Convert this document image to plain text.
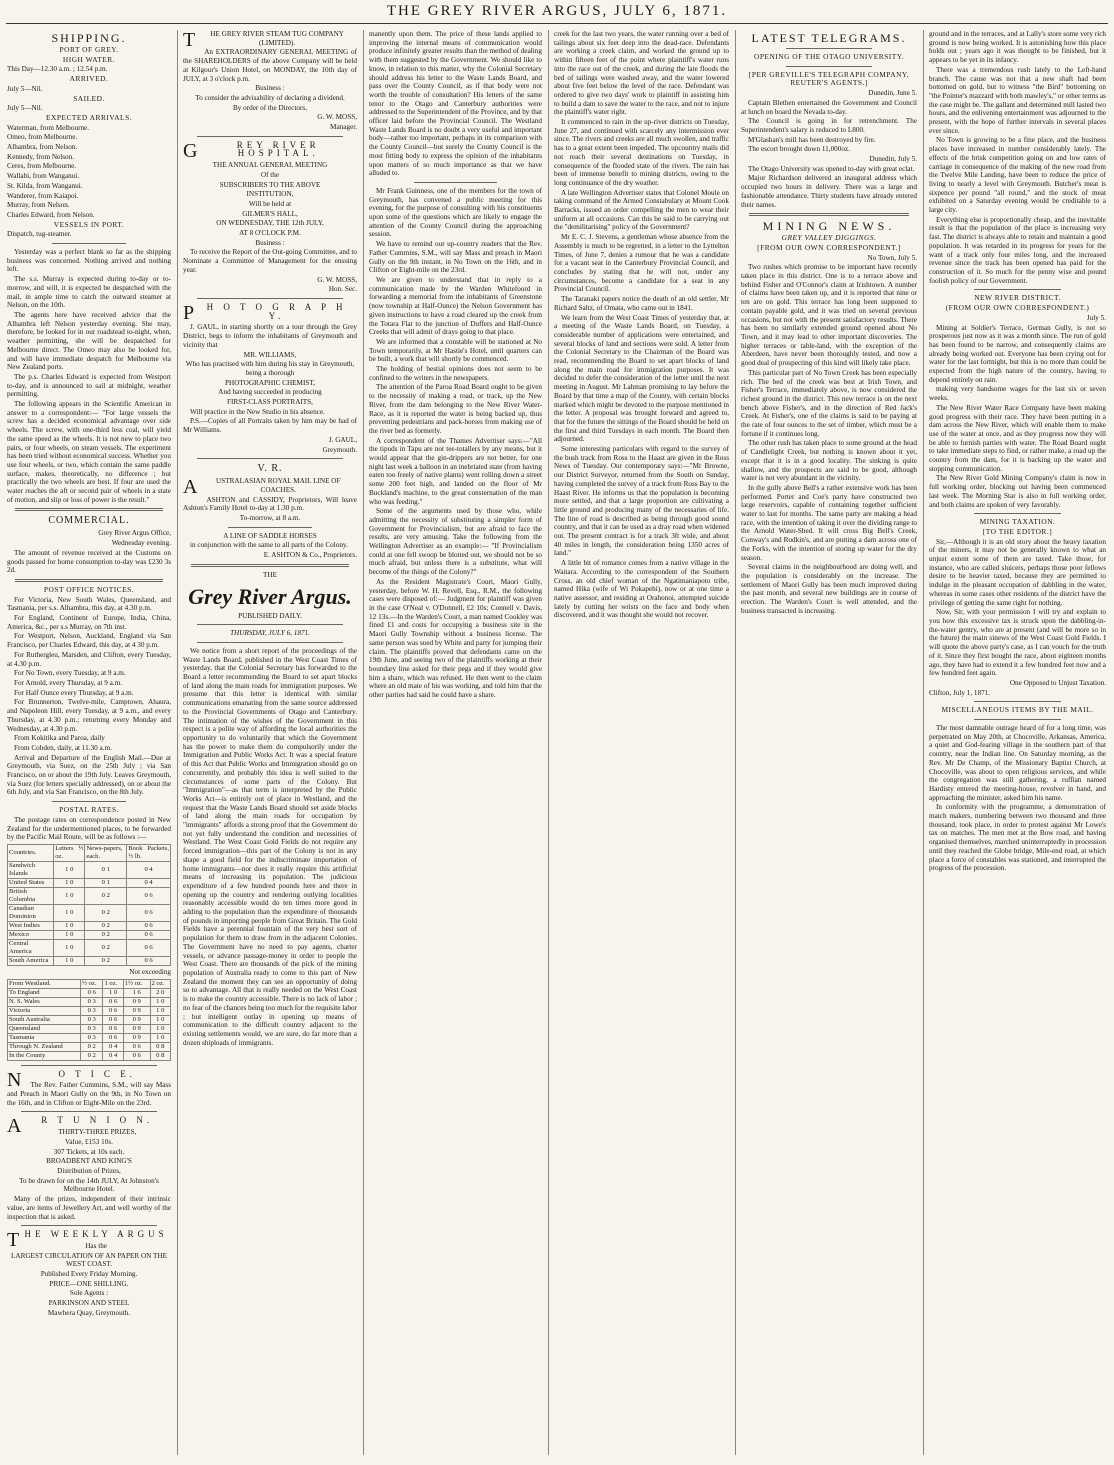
THE GREY RIVER ARGUS, JULY 6, 1871.
SHIPPING.
PORT OF GREY.
HIGH WATER.

This Day—12.30 a.m. ; 12.54 p.m.

ARRIVED.

July 5—Nil.

SAILED.

July 5—Nil.

EXPECTED ARRIVALS.

Waterman, from Melbourne.

Omeo, from Melbourne.

Alhambra, from Nelson.

Kennedy, from Nelson.

Ceres, from Melbourne.

Wallabi, from Wanganui.

St. Kilda, from Wanganui.

Wanderer, from Kaiapoi.

Murray, from Nelson.

Charles Edward, from Nelson.

VESSELS IN PORT.

Dispatch, tug-steamer.

Yesterday was a perfect blank so far as the shipping business was concerned. Nothing arrived and nothing left.

The s.s. Murray is expected during to-day or to-morrow, and will, it is expected be despatched with the mail, in ample time to catch the outward steamer at Nelson, on the 10th.

The agents here have received advice that the Alhambra left Nelson yesterday evening. She may, therefore, be looked for in our roadstead to-night, when, weather permitting, she will be despatched for Melbourne direct. The Omeo may also be looked for, and will have immediate despatch for Melbourne via New Zealand ports.

The p.s. Charles Edward is expected from Westport to-day, and is announced to sail at midnight, weather permitting.

The following appears in the Scientific American in answer to a correspondent:— "For large vessels the screw has a decided economical advantage over side wheels. The screw, with one-third less coal, will yield the same speed as the wheels. It is not new to place two pairs, or four wheels, on steam vessels. The experiment has been tried without economical success. Whether you use four wheels, or two, which contain the same paddle surface, makes, theoretically, no difference ; but practically the two wheels are best. If four are used the water reaches the aft or second pair of wheels in a state of motion, and slip or loss of power is the result."

COMMERCIAL.

Grey River Argus Office,

Wednesday evening.

The amount of revenue received at the Customs on goods passed for home consumption to-day was £230 3s 2d.

POST OFFICE NOTICES.

For Victoria, New South Wales, Queensland, and Tasmania, per s.s. Alhambra, this day, at 4.30 p.m.

For England, Continent of Europe, India, China, America, &c., per s.s Murray, on 7th inst.

For Westport, Nelson, Auckland, England via San Francisco, per Charles Edward, this day, at 4 30 p.m.

For Ruthergleu, Marsden, and Clifton, every Tuesday, at 4.30 p.m.

For No Town, every Tuesday, at 9 a.m.

For Arnold, every Thursday, at 9 a.m.

For Half Ounce every Thursday, at 9 a.m.

For Brunnerton, Twelve-mile, Camptown, Ahaura, and Napoleon Hill, every Tuesday, at 9 a.m., and every Thursday, at 4.30 p.m.; returning every Monday and Wednesday, at 4.30 p.m.

From Kokitika and Paroa, daily

From Cobden, daily, at 11.30 a.m.

Arrival and Departure of the English Mail.—Due at Greymouth, via Suez, on the 25th July ; via San Francisco, on or about the 19th July. Leaves Greymouth, via Suez (for letters specially addressed), on or about the 6th July, and via San Francisco, on the 8th July.

POSTAL RATES.

The postage rates on correspondence posted in New Zealand for the undermentioned places, to be forwarded by the Pacific Mail Route, will be as follows :—

Countries.	Letters ½ oz.	News-papers, each.	Book Packets, ½ lb.
Sandwich Islands	1 0	0 1	0 4
United States	1 0	0 1	0 4
British Columbia	1 0	0 2	0 6
Canadian Dominion	1 0	0 2	0 6
West Indies	1 0	0 2	0 6
Mexico	1 0	0 2	0 6
Central America	1 0	0 2	0 6
South America	1 0	0 2	0 6

Not exceeding

From Westland.	½ oz.	1 oz.	1½ oz.	2 oz.
To England	0 6	1 0	1 6	2 0
N. S. Wales	0 3	0 6	0 9	1 0
Victoria	0 3	0 6	0 9	1 0
South Australia	0 3	0 6	0 9	1 0
Queensland	0 3	0 6	0 9	1 0
Tasmania	0 3	0 6	0 9	1 0
Through N. Zealand	0 2	0 4	0 6	0 8
In the County	0 2	0 4	0 6	0 8
N	O T I C E.

The Rev. Father Cummins, S.M., will say Mass and Preach in Maori Gully on the 9th, in No Town on the 16th, and in Clifton or Eight-Mile on the 23rd.

A	R T U N I O N.

THIRTY-THREE PRIZES,

Value, £153 10s.

307 Tickets, at 10s each.

BROADBENT AND KING'S

Distribution of Prizes,

To be drawn for on the 14th JULY, At Johnston's Melbourne Hotel.

Many of the prizes, independent of their intrinsic value, are items of Jewellery Art, and well worthy of the inspection that is asked.

T HE WEEKLY ARGUS

Has the

LARGEST CIRCULATION OF AN PAPER ON THE WEST COAST.

Published Every Friday Morning.

PRICE—ONE SHILLING.

Sole Agents :

PARKINSON AND STEEL

Mawhera Quay, Greymouth.

T	HE GREY RIVER STEAM TUG COMPANY (LIMITED).

An EXTRAORDINARY GENERAL MEETING of the SHAREHOLDERS of the above Company will be held at Kilgour's Union Hotel, on MONDAY, the 10th day of JULY, at 3 o'clock p.m.

Business :

To consider the advisability of declaring a dividend.

By order of the Directors,

G. W. MOSS,

Manager.

G	REY RIVER HOSPITAL.

THE ANNUAL GENERAL MEETING

Of the

SUBSCRIBERS TO THE ABOVE

INSTITUTION,

Will be held at

GILMER'S HALL,

ON WEDNESDAY, THE 12th JULY,

AT 8 O'CLOCK P.M.

Business :

To receive the Report of the Out-going Committee, and to Nominate a Committee of Management for the ensuing year.

G. W. MOSS,

Hon. Sec.

P	H O T O G R A P H Y.

J. GAUL, in starting shortly on a tour through the Grey District, begs to inform the inhabitants of Greymouth and vicinity that

MR. WILLIAMS,

Who has practised with him during his stay in Greymouth, being a thorough

PHOTOGRAPHIC CHEMIST,

And having succeeded in producing

FIRST-CLASS PORTRAITS,

Will practice in the New Studio in his absence.

P.S.—Copies of all Portraits taken by him may be had of Mr Williams.

J. GAUL,

Greymouth.

V. R.
A	USTRALASIAN ROYAL MAIL LINE OF COACHES.

ASHTON and CASSIDY, Proprietors, Will leave Ashton's Family Hotel to-day at 1.30 p.m.

To-morrow, at 8 a.m.

A LINE OF SADDLE HORSES

in conjunction with the same to all parts of the Colony.

E. ASHTON & Co., Proprietors.

THE

Grey River Argus.

PUBLISHED DAILY.

THURSDAY, JULY 6, 1871.

We notice from a short report of the proceedings of the Waste Lands Board, published in the West Coast Times of yesterday, that the Colonial Secretary has forwarded to the Board a letter recommending the Board to set apart blocks of land along the main roads for immigration purposes. We presume that this letter is identical with similar communications emanating from the same source addressed to the Provincial Governments of Otago and Canterbury. The intimation of the wishes of the Government in this respect is a polite way of affording the local authorities the opportunity to do voluntarily that which the Government has the power to make them do compulsorily under the Immigration and Public Works Act. It was a special feature of this Act that Public Works and Immigration should go on concurrently, and probably this idea is well suited to the circumstances of some parts of the Colony. But "Immigration"—as that term is interpreted by the Public Works Act—is entirely out of place in Westland, and the request that the Waste Lands Board should set aside blocks of land along the main roads for occupation by "immigrants" affords a strong proof that the Government do not yet fully understand the condition and necessities of Westland. The West Coast Gold Fields do not require any forced immigration—this part of the Colony is not in any shape a good field for the indiscriminate importation of home immigrants—nor does it really require this artificial means of increasing its population. The judicious expenditure of a few hundred pounds here and there in opening up the country and rendering outlying localities reasonably accessible would do ten times more good in adding to the population than the expenditure of thousands of pounds in importing people from Great Britain. The Gold Fields have a perennial fountain of the very best sort of population for them to draw from in the adjacent Colonies. The Government have no need to pay agents, charter vessels, or advance passage-money in order to people the West Coast. There are thousands of the pick of the mining population of Australia ready to come to this part of New Zealand the moment they can see an opportunity of doing so to advantage. All that is really needed on the West Coast is to make the country accessible. There is no lack of labor ; no fear of the chances being too much for the requisite labor ; but intelligent outlay in opening up means of communication to the difficult country adjacent to the existing settlements would, we are sure, do far more than a dozen shiploads of immigrants.

manently upon them. The price of these lands applied to improving the internal means of communication would produce infinitely greater results than the method of dealing with them suggested by the Government. We should like to know, in relation to this matter, why the Colonial Secretary should address his letter to the Waste Lands Board, and pass over the County Council, as if that body were not worth the trouble of consultation? His letters of the same tenor to the Otago and Canterbury authorities were addressed to the Superintendent of the Province, and by that officer laid before the Provincial Council. The Westland Waste Lands Board is no doubt a very useful and important body—rather too important, perhaps in its comparison with the County Council—but surely the County Council is the most fitting body to express the opinion of the inhabitants upon matters of so much importance as that we have alluded to.

Mr Frank Guinness, one of the members for the town of Greymouth, has convened a public meeting for this evening, for the purpose of consulting with his constituents upon some of the questions which are likely to engage the attention of the County Council during the approaching session.

We have to remind our up-country readers that the Rev. Father Cummins, S.M., will say Mass and preach in Maori Gully on the 9th instant, in No Town on the 16th, and in Clifton or Eight-mile on the 23rd.

We are given to understand that in reply to a communication made by the Warden Whitefoord in forwarding a memorial from the inhabitants of Greenstone (now township at Half-Ounce) the Nelson Government has given instructions to have a road cleared up the creek from the Totara Flat to the junction of Duffers and Half-Ounce Creeks that will admit of drays going to that place.

We are informed that a constable will be stationed at No Town temporarily, at Mr Hastie's Hotel, until quarters can be built, a work that will shortly be commenced.

The holding of bestial opinions does not seem to be confined to the writers in the newspapers.

The attention of the Paroa Road Board ought to be given to the necessity of making a road, or track, up the New River, from the dam belonging to the New River Water-Race, as it is reported the water is being backed up, thus preventing pedestrians and pack-horses from making use of the river bed as formerly.

A correspondent of the Thames Advertiser says:—"All the tipuds in Tapu are not tee-totallers by any means, but it would appear that the gin-drippers are not better, for one night last week a balloon in an inebriated state (from having eaten too freely of native plants) went rolling down a street some 200 feet high, and landed on the floor of Mr Buckland's machine, to the great consternation of the man who was feeding."

Some of the arguments used by those who, while admitting the necessity of substituting a simpler form of Government for Provincialism, but are afraid to face the results, are very amusing. Take the following from the Wellington Advertiser as an example:— "If Provincialism could at one fell swoop be blotted out, we should not be so much afraid, but unless there is a substitute, what will become of the things of the Colony?"

As the Resident Magistrate's Court, Maori Gully, yesterday, before W. H. Revell, Esq., R.M., the following cases were disposed of:— Judgment for plaintiff was given in the case O'Neal v. O'Donnell, £2 10s; Connell v. Davis, 12 13s.—In the Warden's Court, a man named Cookley was fined £1 and costs for occupying a business site in the Maori Gully Township without a business license. The same person was sued by White and party for jumping their claim. The plaintiffs proved that defendants came on the 19th June, and seeing two of the plaintiffs working at their boundary line asked for their pegs and if they would give him a share, which was refused. He then went to the claim where an old mate of his was working, and told him that the other parties had said he could have a share.

creek for the last two years, the water running over a bed of tailings about six feet deep into the dead-race. Defendants are working a creek claim, and worked the ground up to within fifteen feet of the point where plaintiff's water runs into the race out of the creek, and during the late floods the bed of tailings were washed away, and the water lowered about five feet below the level of the race. Defendant was ordered to give two days' work to plaintiff in assisting him to build a dam to save the water to the race, and not to injure the plaintiff's water right.

It commenced to rain in the up-river districts on Tuesday, June 27, and continued with scarcely any intermission ever since. The rivers and creeks are all much swollen, and traffic has to a great extent been impeded. The upcountry mails did not reach their several destinations on Tuesday, in consequence of the flooded state of the rivers. The rain has been of immense benefit to mining districts, owing to the long continuance of the dry weather.

A late Wellington Advertiser states that Colonel Moule on taking command of the Armed Constabulary at Mount Cook Barracks, issued an order compelling the men to wear their uniform at all occasions. Can this be said to be carrying out the "demilitarising" policy of the Government?

Mr E. C. J. Stevens, a gentleman whose absence from the Assembly is much to be regretted, in a letter to the Lyttelton Times, of June 7, denies a rumour that he was a candidate for a vacant seat in the Canterbury Provincial Council, and concludes by stating that he will not, under any circumstances, become a candidate for a seat in any Provincial Council.

The Taranaki papers notice the death of an old settler, Mr Richard Saltz, of Omata, who came out in 1841.

We learn from the West Coast Times of yesterday that, at a meeting of the Waste Lands Board, on Tuesday, a considerable number of applications were entertained, and several blocks of land and sections were sold. A letter from the Colonial Secretary to the Chairman of the Board was read, recommending the Board to set apart blocks of land along the main road for immigration purposes. It was decided to defer the consideration of the letter until the next meeting in August. Mr Lahman promising to lay before the Board by that time a map of the County, with certain blocks marked which might be devoted to the purpose mentioned in the letter. A proposal was brought forward and agreed to, that for the future the sittings of the Board should be held on the first and third Tuesdays in each month. The Board then adjourned.

Some interesting particulars with regard to the survey of the bush track from Ross to the Haast are given in the Ross News of Tuesday. Our contemporary says:—"Mr Browne, our District Surveyor, returned from the South on Sunday, having completed the survey of a track from Ross Bay to the Haast River. He informs us that the population is becoming more settled, and that a large proportion are cultivating a little ground and producing many of the necessaries of life. The line of road is described as being through good sound country, and that it can be used as a dray road when widened out. The present contract is for a track 3ft wide, and about 40 miles in length, the consideration being 1350 acres of land."

A little bit of romance comes from a native village in the Waitara. According to the correspondent of the Southern Cross, an old chief woman of the Ngatimaniapoto tribe, named Hika (wife of Wi Pokapehi), now or at one time a native assessor, and residing at Orahonoi, attempted suicide lately by cutting her wrists on the face and body when discovered, and it was thought she would not recover.

LATEST TELEGRAMS.
OPENING OF THE OTAGO UNIVERSITY.
[PER GREVILLE'S TELEGRAPH COMPANY, REUTER'S AGENTS.]

Dunedin, June 5.

Captain Blethen entertained the Government and Council at lunch on board the Nevada to-day.

The Council is going in for retrenchment. The Superintendent's salary is reduced to L800.

M'Glashan's mill has been destroyed by fire.

The escort brought down 11,000oz.

Dunedin, July 5.

The Otago University was opened to-day with great eclat.

Major Richardson delivered an inaugural address which occupied two hours in delivery. There was a large and fashionable attendance. Thirty students have already entered their names.

MINING NEWS.
GREY VALLEY DIGGINGS.
[FROM OUR OWN CORRESPONDENT.]

No Town, July 5.

Two rushes which promise to be important have recently taken place in this district. One is to a terrace above and behind Fisher and O'Connor's claim at Irishtown. A number of claims have been taken up, and it is reported that nine or ten are on gold. This terrace has long been supposed to contain payable gold, and it was tried on several previous occasions, but not with the present satisfactory results. There has been no similarly extended ground opened about No Town, and it may lead to other important discoveries. The higher terraces or table-land, with the exception of the Aberdeen, have never been thoroughly tested, and now a good deal of prospecting of this kind will likely take place.

This particular part of No Town Creek has been especially rich. The bed of the creek was best at Irish Town, and Fisher's Terrace, immediately above, is now considered the richest ground in the district. This new terrace is on the next bench above Fisher's, and in the direction of Red Jack's Creek. At Fisher's, one of the claims is said to be paying at the rate of four ounces to the set of timber, which must be a fortune if it continues long.

The other rush has taken place to some ground at the head of Candlelight Creek, but nothing is known about it yet, except that it is in a good locality. The sinking is quite shallow, and the prospects are said to be good, although water is not very abundant in the vicinity.

In the gully above Bell's a rather extensive work has been performed. Porter and Coe's party have constructed two large reservoirs, capable of containing together sufficient water to last for months. The same party are making a head race, with the intention of taking it over the dividing range to the Arnold Water-Shed. It will cross Big Bell's Creek, Conway's and Rodkin's, and are putting a dam across one of the Forks, with the intention of storing up water for the dry season.

Several claims in the neighbourhood are doing well, and the population is considerably on the increase. The settlement of Maori Gully has been much improved during the past month, and several new buildings are in course of erection. The Warden's Court is well attended, and the business transacted is increasing.

ground and in the terraces, and at Lally's store some very rich ground is now being worked. It is astonishing how this place holds out ; years ago it was thought to be finished, but it appears to be yet in its infancy.

There was a tremendous rush lately to the Left-hand branch. The cause was not that a new shaft had been bottomed on gold, but to witness "the Bird" bottoming on "the Pointer's mazzard with both mawley's," or other terms as the case might be. The gallant and determined mill lasted two hours, and the enlivening entertainment was adjourned to the present, with the hope of further intervals in several places ever since.

No Town is growing to be a fine place, and the business places have increased in number considerably lately. The effects of the brisk competition going on and low rates of carriage in consequence of the making of the new road from the Twelve Mile Landing, have been to reduce the price of living to nearly a level with Greymouth. Butcher's meat is sixpence per pound "all round," and the stock of meat exhibited on a Saturday evening would be creditable to a large city.

Everything else is proportionally cheap, and the inevitable result is that the population of the place is increasing very fast. The district is always able to retain and maintain a good population. It was retarded in its progress for years for the want of a track only four miles long, and the increased revenue since the track has been opened has paid for the construction of it. So much for the penny wise and pound foolish policy of our Government.

NEW RIVER DISTRICT.
(FROM OUR OWN CORRESPONDENT.)

July 5.

Mining at Soldier's Terrace, German Gully, is not so prosperous just now as it was a month since. The run of gold has been found to be narrow, and consequently claims are already being worked out. Everyone has been crying out for water for the last fortnight, but this is no more than could be expected from the high nature of the country, having to depend entirely on rain.

making very handsome wages for the last six or seven weeks.

The New River Water Race Company have been making good progress with their race. They have been putting in a dam across the New River, which will enable them to make use of the water at once, and as they progress now they will be able to furnish parties with water. The Road Board ought to take immediate steps to find, or rather make, a road up the country from the dam, for it is backing up the water and stopping communication.

The New River Gold Mining Company's claim is now in full working order, blocking out having been commenced last week. The Morning Star is also in full working order, and both claims are spoken of very favorably.

MINING TAXATION.
[TO THE EDITOR.]

Sir,—Although it is an old story about the heavy taxation of the miners, it may not be generally known to what an unjust extent some of them are taxed. Take those, for instance, who are called sluicers, perhaps those poor fellows desire to be heavier taxed, because they are permitted to indulge in the pleasant occupation of dabbling in the water, whereas in some cases other residents of the district have the privilege of getting the same right for nothing.

Now, Sir, with your permission I will try and explain to you how this excessive tax is struck upon the dabbling-in-the-water gentry, who are at present (and will be more so in the future) the main sinews of the West Coast Gold Fields. I will quote the above party's case, as I can vouch for the truth of it. Since they first bought the race, about eighteen months ago, they have had to extend it a few hundred feet now and a few hundred feet again.

One Opposed to Unjust Taxation.

Clifton, July 1, 1871.

MISCELLANEOUS ITEMS BY THE MAIL.

The most damnable outrage heard of for a long time, was perpetrated on May 20th, at Chocoville, Arkansas, America, a quiet and God-fearing village in the southern part of that country, near the Indian line. On Saturday morning, as the Rev. Mr De Champ, of the Missionary Baptist Church, at Chocoville, was about to open religious services, and while the congregation was still gathering, a ruffian named Hardisty entered the meeting-house, revolver in hand, and approaching the minister, asked him his name.

In conformity with the programme, a demonstration of match makers, numbering between two thousand and three thousand, took place, in order to protest against Mr Lowe's tax on matches. The men met at the Bow road, and having organised themselves, marched uninterruptedly in procession until they reached the Globe bridge, Mile-end road, at which place a force of constables was stationed, and interrupted the progress of the procession.
